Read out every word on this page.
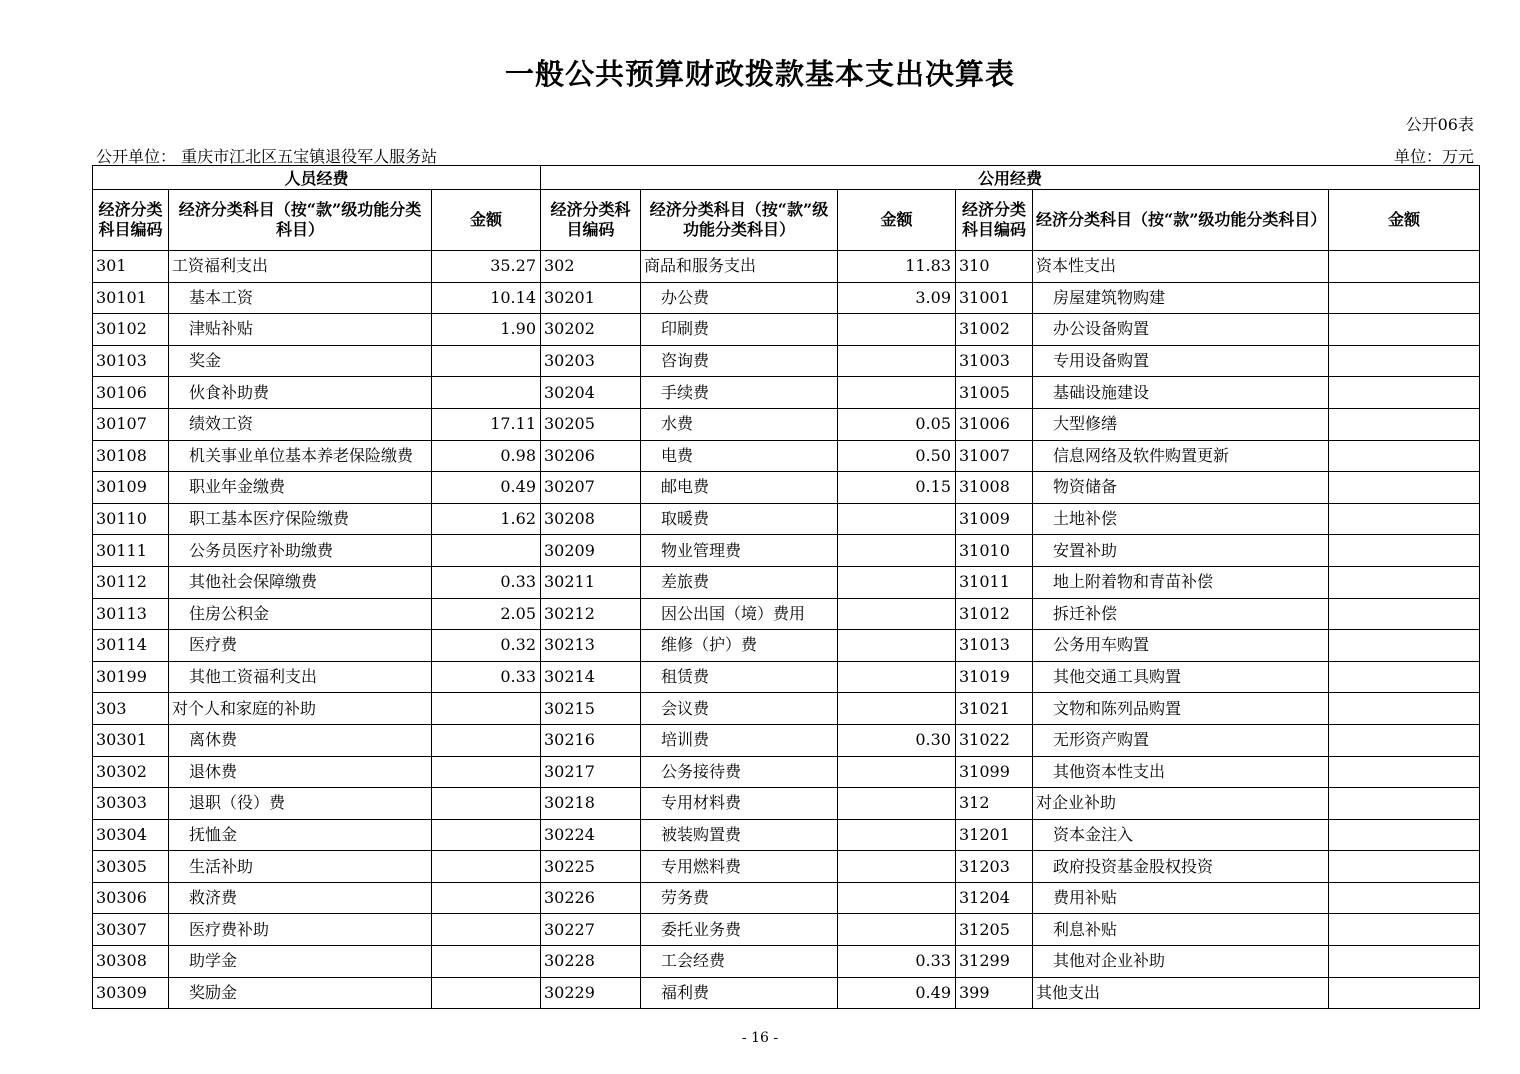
一般公共预算财政拨款基本支出决算表
公开06表
公开单位： 重庆市江北区五宝镇退役军人服务站	单位：万元
人员经费			公用经费					
经济分类科目编码	经济分类科目（按“款”级功能分类科目）	金额	经济分类科目编码	经济分类科目（按“款”级功能分类科目）	金额	经济分类科目编码	经济分类科目（按“款”级功能分类科目）	金额
301	工资福利支出	35.27	302	商品和服务支出	11.83	310	资本性支出	
30101	基本工资	10.14	30201	办公费	3.09	31001	房屋建筑物购建	
30102	津贴补贴	1.90	30202	印刷费		31002	办公设备购置	
30103	奖金		30203	咨询费		31003	专用设备购置	
30106	伙食补助费		30204	手续费		31005	基础设施建设	
30107	绩效工资	17.11	30205	水费	0.05	31006	大型修缮	
30108	机关事业单位基本养老保险缴费	0.98	30206	电费	0.50	31007	信息网络及软件购置更新	
30109	职业年金缴费	0.49	30207	邮电费	0.15	31008	物资储备	
30110	职工基本医疗保险缴费	1.62	30208	取暖费		31009	土地补偿	
30111	公务员医疗补助缴费		30209	物业管理费		31010	安置补助	
30112	其他社会保障缴费	0.33	30211	差旅费		31011	地上附着物和青苗补偿	
30113	住房公积金	2.05	30212	因公出国（境）费用		31012	拆迁补偿	
30114	医疗费	0.32	30213	维修（护）费		31013	公务用车购置	
30199	其他工资福利支出	0.33	30214	租赁费		31019	其他交通工具购置	
303	对个人和家庭的补助		30215	会议费		31021	文物和陈列品购置	
30301	离休费		30216	培训费	0.30	31022	无形资产购置	
30302	退休费		30217	公务接待费		31099	其他资本性支出	
30303	退职（役）费		30218	专用材料费		312	对企业补助	
30304	抚恤金		30224	被装购置费		31201	资本金注入	
30305	生活补助		30225	专用燃料费		31203	政府投资基金股权投资	
30306	救济费		30226	劳务费		31204	费用补贴	
30307	医疗费补助		30227	委托业务费		31205	利息补贴	
30308	助学金		30228	工会经费	0.33	31299	其他对企业补助	
30309	奖励金		30229	福利费	0.49	399	其他支出	
- 16 -
